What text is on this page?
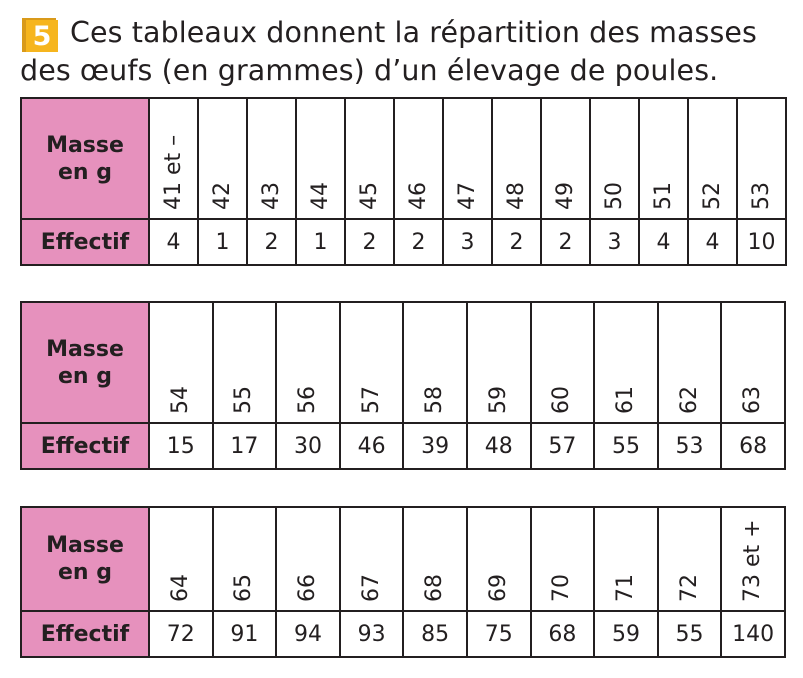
5 Ces tableaux donnent la répartition des masses des œufs (en grammes) d’un élevage de poules.

Masse
en g	41 et –	42	43	44	45	46	47	48	49	50	51	52	53

Effectif	4	1	2	1	2	2	3	2	2	3	4	4	10
Masse
en g	54	55	56	57	58	59	60	61	62	63

Effectif	15	17	30	46	39	48	57	55	53	68
Masse
en g	64	65	66	67	68	69	70	71	72	73 et +

Effectif	72	91	94	93	85	75	68	59	55	140
